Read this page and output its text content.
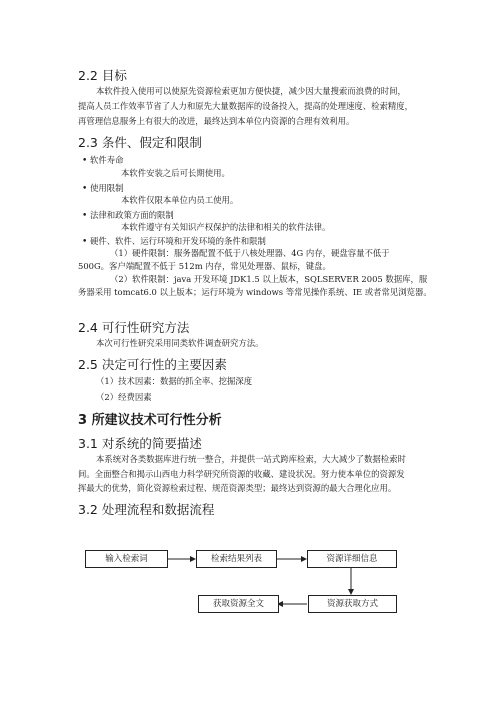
2.2 目标
本软件投入使用可以使原先资源检索更加方便快捷，减少因大量搜索而浪费的时间，
提高人员工作效率节省了人力和原先大量数据库的设备投入，提高的处理速度、检索精度，
再管理信息服务上有很大的改进，最终达到本单位内资源的合理有效利用。
2.3 条件、假定和限制
• 软件寿命
本软件安装之后可长期使用。
• 使用限制
本软件仅限本单位内员工使用。
• 法律和政策方面的限制
本软件遵守有关知识产权保护的法律和相关的软件法律。
• 硬件、软件、运行环境和开发环境的条件和限制
（1）硬件限制：服务器配置不低于八核处理器、4G 内存，硬盘容量不低于
500G。客户端配置不低于 512m 内存，常见处理器、鼠标，键盘。
（2）软件限制：java 开发环境 JDK1.5 以上版本，SQLSERVER 2005 数据库，服
务器采用 tomcat6.0 以上版本；运行环境为 windows 等常见操作系统、IE 或者常见浏览器。
2.4 可行性研究方法
本次可行性研究采用同类软件调查研究方法。
2.5 决定可行性的主要因素
（1）技术因素：数据的抓全率、挖掘深度
（2）经费因素
3 所建议技术可行性分析
3.1 对系统的简要描述
本系统对各类数据库进行统一整合，并提供一站式跨库检索，大大减少了数据检索时
间。全面整合和揭示山西电力科学研究所资源的收藏、建设状况。努力使本单位的资源发
挥最大的优势，简化资源检索过程、规范资源类型；最终达到资源的最大合理化应用。
3.2 处理流程和数据流程
输入检索词	检索结果列表	资源详细信息
获取资源全文	资源获取方式
